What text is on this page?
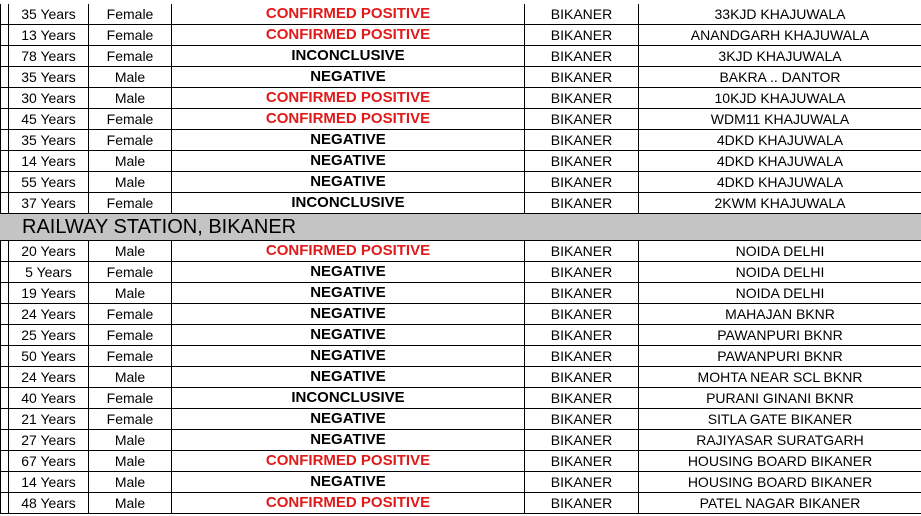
RAILWAY STATION, BIKANER
35 Years	Female	CONFIRMED POSITIVE	BIKANER	33KJD KHAJUWALA
13 Years	Female	CONFIRMED POSITIVE	BIKANER	ANANDGARH KHAJUWALA
78 Years	Female	INCONCLUSIVE	BIKANER	3KJD KHAJUWALA
35 Years	Male	NEGATIVE	BIKANER	BAKRA .. DANTOR
30 Years	Male	CONFIRMED POSITIVE	BIKANER	10KJD KHAJUWALA
45 Years	Female	CONFIRMED POSITIVE	BIKANER	WDM11 KHAJUWALA
35 Years	Female	NEGATIVE	BIKANER	4DKD KHAJUWALA
14 Years	Male	NEGATIVE	BIKANER	4DKD KHAJUWALA
55 Years	Male	NEGATIVE	BIKANER	4DKD KHAJUWALA
37 Years	Female	INCONCLUSIVE	BIKANER	2KWM KHAJUWALA
20 Years	Male	CONFIRMED POSITIVE	BIKANER	NOIDA DELHI
5 Years	Female	NEGATIVE	BIKANER	NOIDA DELHI
19 Years	Male	NEGATIVE	BIKANER	NOIDA DELHI
24 Years	Female	NEGATIVE	BIKANER	MAHAJAN BKNR
25 Years	Female	NEGATIVE	BIKANER	PAWANPURI BKNR
50 Years	Female	NEGATIVE	BIKANER	PAWANPURI BKNR
24 Years	Male	NEGATIVE	BIKANER	MOHTA NEAR SCL BKNR
40 Years	Female	INCONCLUSIVE	BIKANER	PURANI GINANI BKNR
21 Years	Female	NEGATIVE	BIKANER	SITLA GATE BIKANER
27 Years	Male	NEGATIVE	BIKANER	RAJIYASAR SURATGARH
67 Years	Male	CONFIRMED POSITIVE	BIKANER	HOUSING BOARD BIKANER
14 Years	Male	NEGATIVE	BIKANER	HOUSING BOARD BIKANER
48 Years	Male	CONFIRMED POSITIVE	BIKANER	PATEL NAGAR BIKANER
